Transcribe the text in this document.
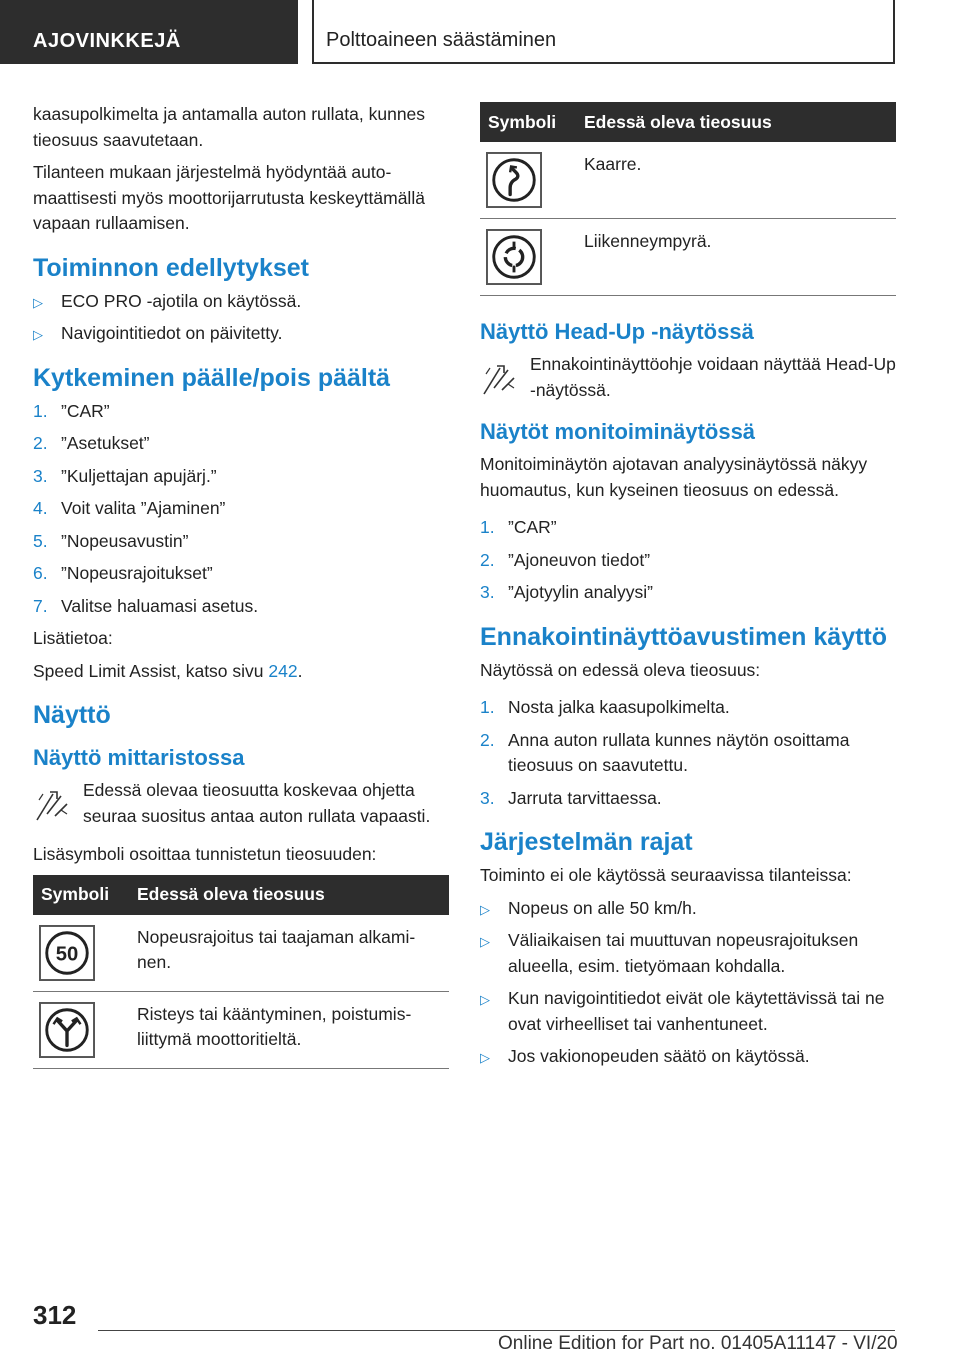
AJOVINKKEJÄ	Polttoaineen säästäminen

kaasupolkimelta ja antamalla auton rullata, kunnes tieosuus saavutetaan.

Tilanteen mukaan järjestelmä hyödyntää automaattisesti myös moottorijarrutusta keskeyttämällä vapaan rullaamisen.

Toiminnon edellytykset
▷ ECO PRO -ajotila on käytössä.
▷ Navigointitiedot on päivitetty.
Kytkeminen päälle/pois päältä
1. ”CAR”
2. ”Asetukset”
3. ”Kuljettajan apujärj.”
4. Voit valita ”Ajaminen”
5. ”Nopeusavustin”
6. ”Nopeusrajoitukset”
7. Valitse haluamasi asetus.

Lisätietoa:

Speed Limit Assist, katso sivu 242.

Näyttö
Näyttö mittaristossa
Edessä olevaa tieosuutta koskevaa ohjetta seuraa suositus antaa auton rullata vapaasti.

Lisäsymboli osoittaa tunnistetun tieosuuden:

Symboli	Edessä oleva tieosuus

50	Nopeusrajoitus tai taajaman alkaminen.

	Risteys tai kääntyminen, poistumisliittymä moottoritieltä.
Symboli	Edessä oleva tieosuus

	Kaarre.

	Liikenneympyrä.
Näyttö Head-Up -näytössä
Ennakointinäyttöohje voidaan näyttää Head-Up -näytössä.
Näytöt monitoiminäytössä

Monitoiminäytön ajotavan analyysinäytössä näkyy huomautus, kun kyseinen tieosuus on edessä.

1. ”CAR”
2. ”Ajoneuvon tiedot”
3. ”Ajotyylin analyysi”
Ennakointinäyttöavustimen käyttö

Näytössä on edessä oleva tieosuus:

1. Nosta jalka kaasupolkimelta.
2. Anna auton rullata kunnes näytön osoittama tieosuus on saavutettu.
3. Jarruta tarvittaessa.
Järjestelmän rajat

Toiminto ei ole käytössä seuraavissa tilanteissa:

▷ Nopeus on alle 50 km/h.
▷ Väliaikaisen tai muuttuvan nopeusrajoituksen alueella, esim. tietyömaan kohdalla.
▷ Kun navigointitiedot eivät ole käytettävissä tai ne ovat virheelliset tai vanhentuneet.
▷ Jos vakionopeuden säätö on käytössä.
312
Online Edition for Part no. 01405A11147 - VI/20
